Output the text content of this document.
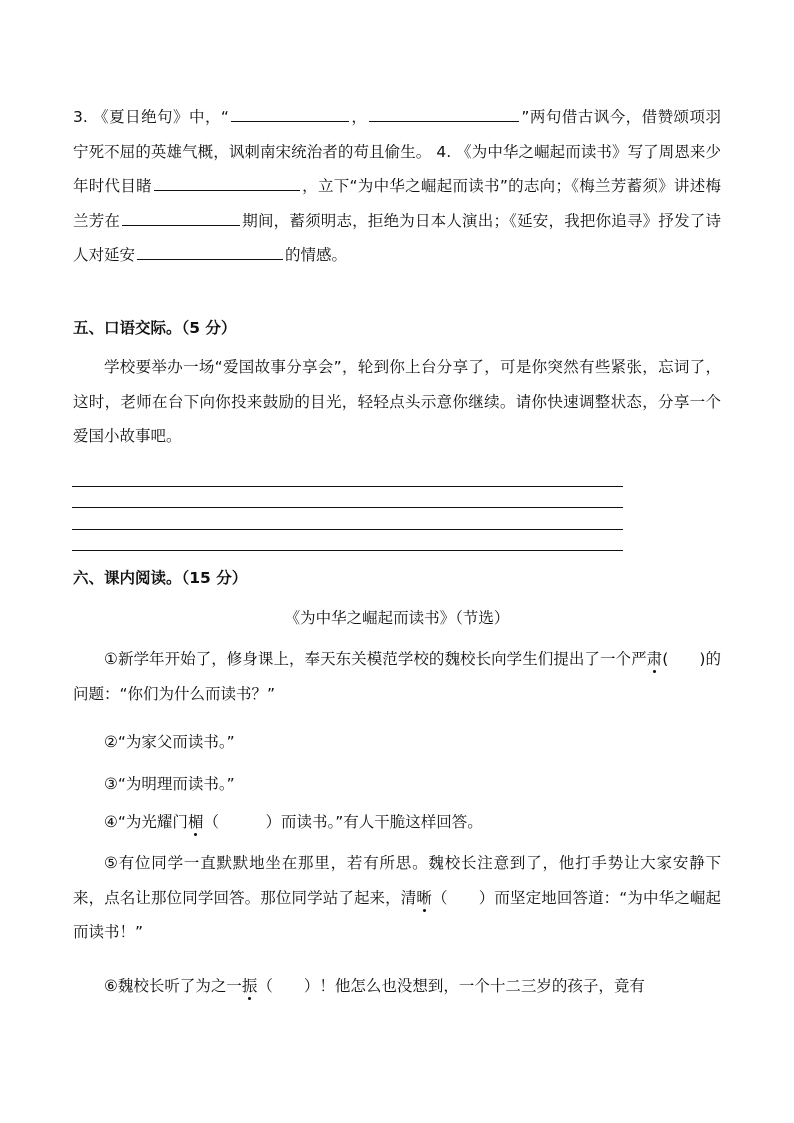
3. 《夏日绝句》中，“	，	”两句借古讽今，借赞颂项羽宁死不屈的英雄气概，讽刺南宋统治者的苟且偷生。 4. 《为中华之崛起而读书》写了周恩来少年时代目睹	，立下“为中华之崛起而读书”的志向；《梅兰芳蓄须》讲述梅兰芳在	期间，蓄须明志，拒绝为日本人演出；《延安，我把你追寻》抒发了诗人对延安	的情感。

五、口语交际。（5 分）

学校要举办一场“爱国故事分享会”，轮到你上台分享了，可是你突然有些紧张，忘词了，这时，老师在台下向你投来鼓励的目光，轻轻点头示意你继续。请你快速调整状态，分享一个爱国小故事吧。

六、课内阅读。（15 分）

《为中华之崛起而读书》（节选）

①新学年开始了，修身课上，奉天东关模范学校的魏校长向学生们提出了一个严肃(　　)的问题：“你们为什么而读书？”

②“为家父而读书。”

③“为明理而读书。”

④“为光耀门楣（　　　）而读书。”有人干脆这样回答。

⑤有位同学一直默默地坐在那里，若有所思。魏校长注意到了，他打手势让大家安静下来，点名让那位同学回答。那位同学站了起来，清晰（　　）而坚定地回答道：“为中华之崛起而读书！”

⑥魏校长听了为之一振（　　）！他怎么也没想到，一个十二三岁的孩子，竟有
